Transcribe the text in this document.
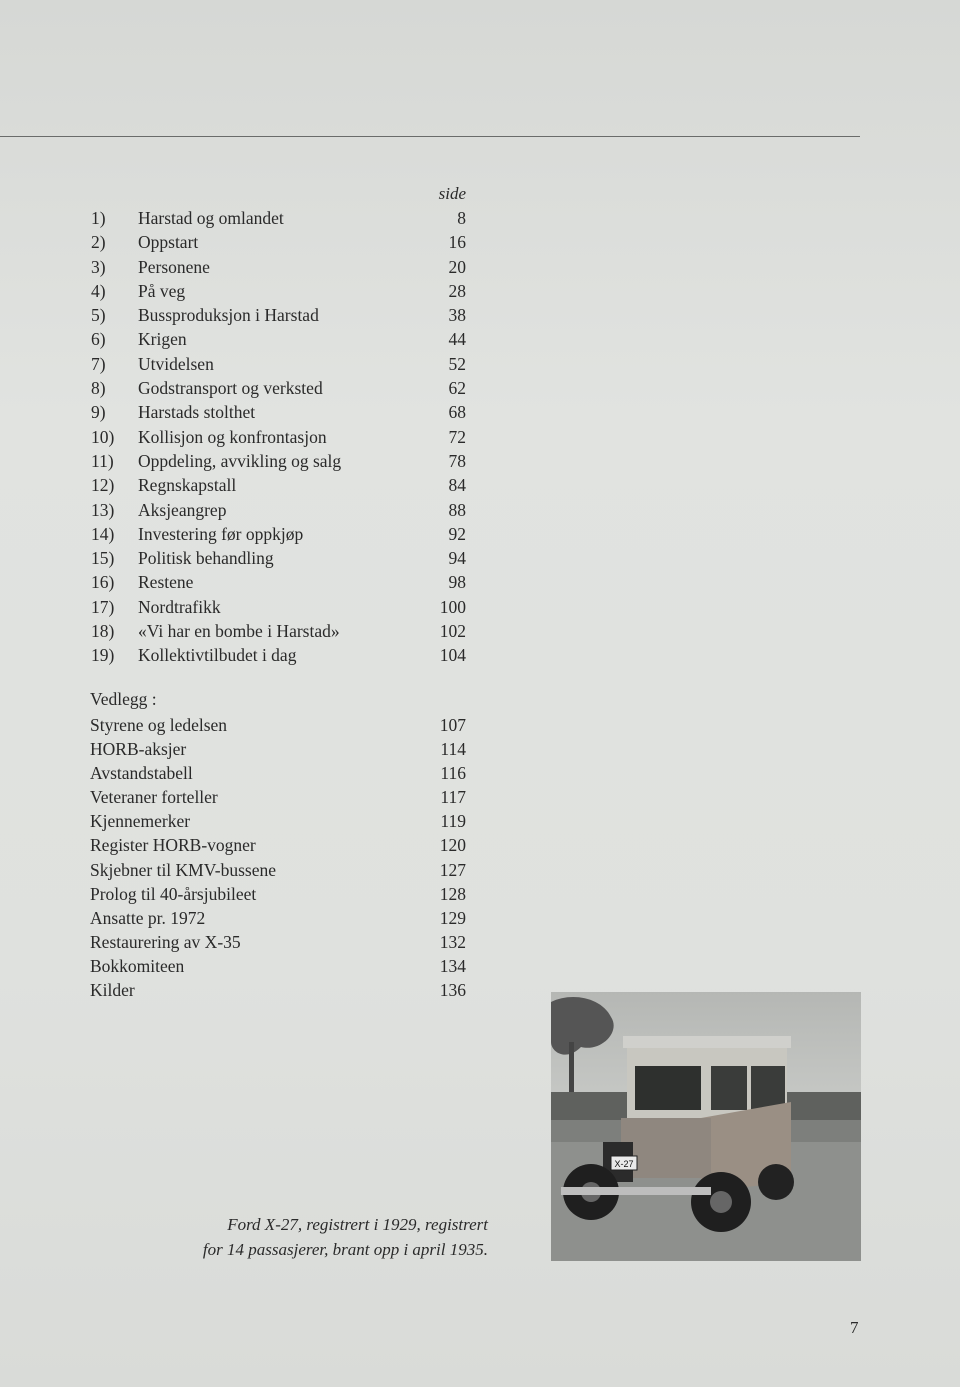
side
1)	Harstad og omlandet	8
2)	Oppstart	16
3)	Personene	20
4)	På veg	28
5)	Bussproduksjon i Harstad	38
6)	Krigen	44
7)	Utvidelsen	52
8)	Godstransport og verksted	62
9)	Harstads stolthet	68
10)	Kollisjon og konfrontasjon	72
11)	Oppdeling, avvikling og salg	78
12)	Regnskapstall	84
13)	Aksjeangrep	88
14)	Investering før oppkjøp	92
15)	Politisk behandling	94
16)	Restene	98
17)	Nordtrafikk	100
18)	«Vi har en bombe i Harstad»	102
19)	Kollektivtilbudet i dag	104
Vedlegg :
Styrene og ledelsen	107
HORB-aksjer	114
Avstandstabell	116
Veteraner forteller	117
Kjennemerker	119
Register HORB-vogner	120
Skjebner til KMV-bussene	127
Prolog til 40-årsjubileet	128
Ansatte pr. 1972	129
Restaurering av X-35	132
Bokkomiteen	134
Kilder	136
X-27
Ford X-27, registrert i 1929, registrert
for 14 passasjerer, brant opp i april 1935.
7
